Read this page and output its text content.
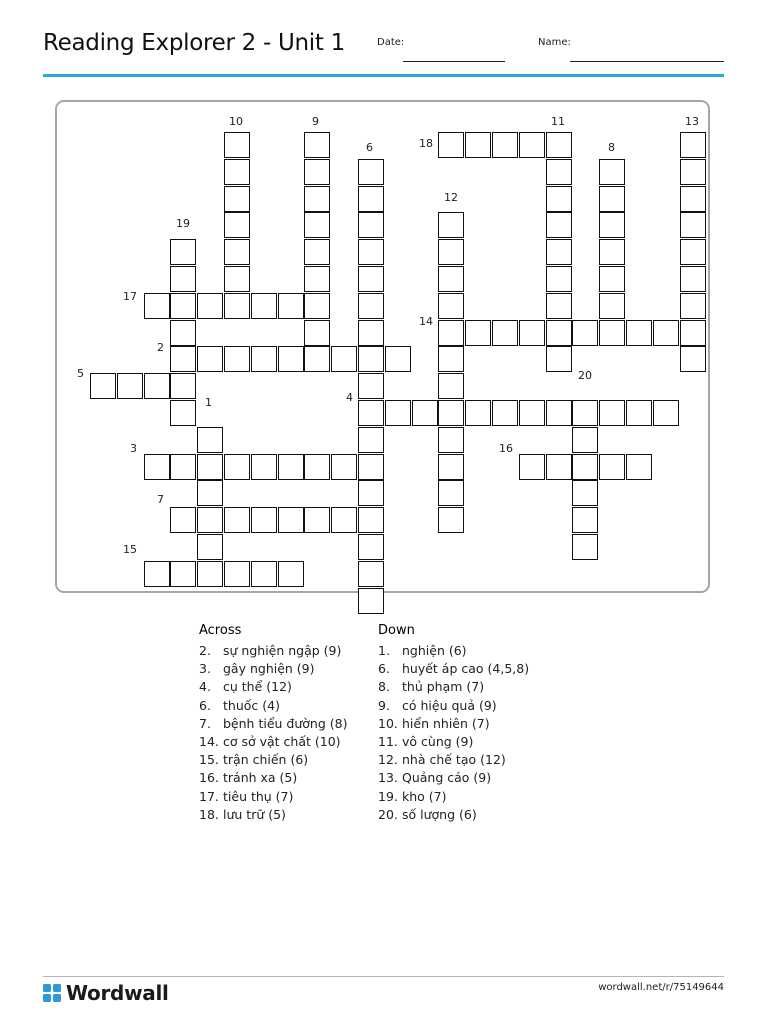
Reading Explorer 2 - Unit 1	Date:	Name:
1
2
3
4
5
6
7
8
9
10	11
12
13
14
15
16
17
18
19
20
Across
2. sự nghiện ngập (9)
3. gây nghiện (9)
4. cụ thể (12)
6. thuốc (4)
7. bệnh tiểu đường (8)
14. cơ sở vật chất (10)
15. trận chiến (6)
16. tránh xa (5)
17. tiêu thụ (7)
18. lưu trữ (5)
Down
1. nghiện (6)
6. huyết áp cao (4,5,8)
8. thủ phạm (7)
9. có hiệu quả (9)
10. hiển nhiên (7)
11. vô cùng (9)
12. nhà chế tạo (12)
13. Quảng cáo (9)
19. kho (7)
20. số lượng (6)
Wordwall	wordwall.net/r/75149644
